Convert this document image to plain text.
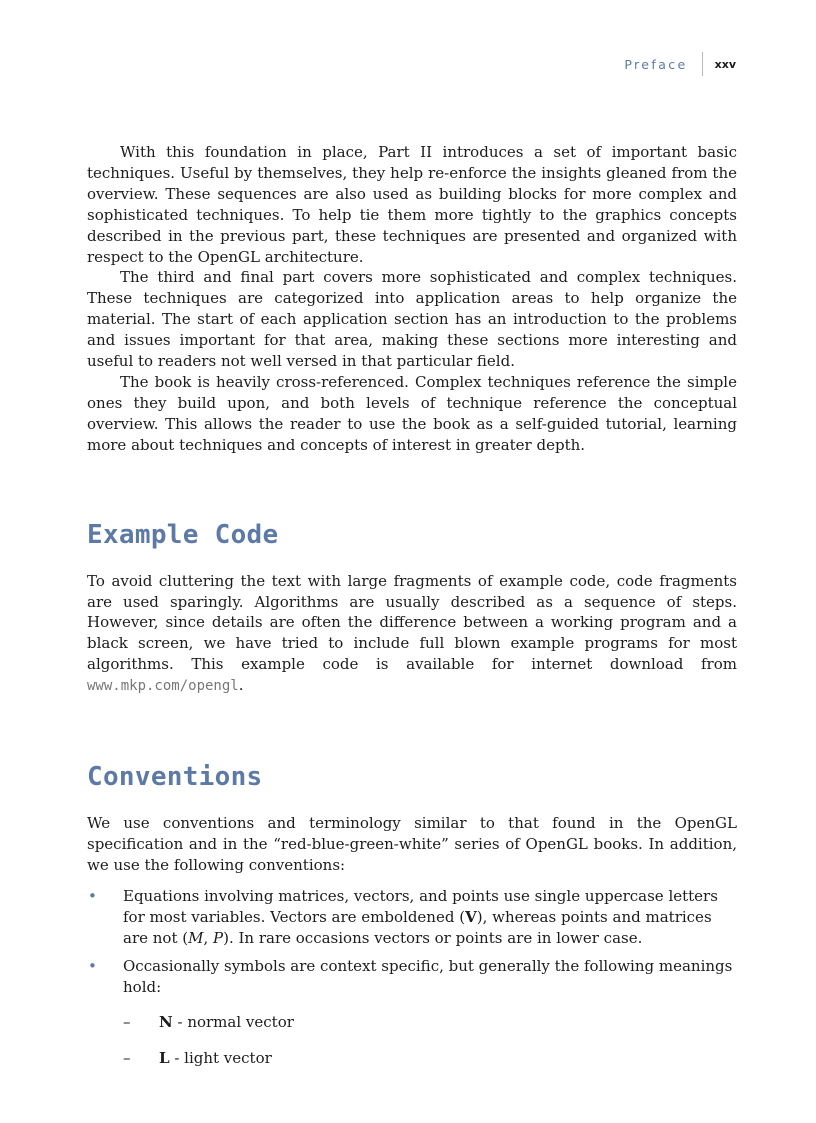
Preface	xxv

With this foundation in place, Part II introduces a set of important basic techniques. Useful by themselves, they help re-enforce the insights gleaned from the overview. These sequences are also used as building blocks for more complex and sophisticated techniques. To help tie them more tightly to the graphics concepts described in the previous part, these techniques are presented and organized with respect to the OpenGL architecture.

The third and final part covers more sophisticated and complex techniques. These techniques are categorized into application areas to help organize the material. The start of each application section has an introduction to the problems and issues important for that area, making these sections more interesting and useful to readers not well versed in that particular field.

The book is heavily cross-referenced. Complex techniques reference the simple ones they build upon, and both levels of technique reference the conceptual overview. This allows the reader to use the book as a self-guided tutorial, learning more about techniques and concepts of interest in greater depth.

Example Code

To avoid cluttering the text with large fragments of example code, code fragments are used sparingly. Algorithms are usually described as a sequence of steps. However, since details are often the difference between a working program and a black screen, we have tried to include full blown example programs for most algorithms. This example code is available for internet download from www.mkp.com/opengl.

Conventions

We use conventions and terminology similar to that found in the OpenGL specification and in the “red-blue-green-white” series of OpenGL books. In addition, we use the following conventions:

• Equations involving matrices, vectors, and points use single uppercase letters for most variables. Vectors are emboldened (V), whereas points and matrices are not (M, P). In rare occasions vectors or points are in lower case.

• Occasionally symbols are context specific, but generally the following meanings hold:

– N - normal vector

– L - light vector
